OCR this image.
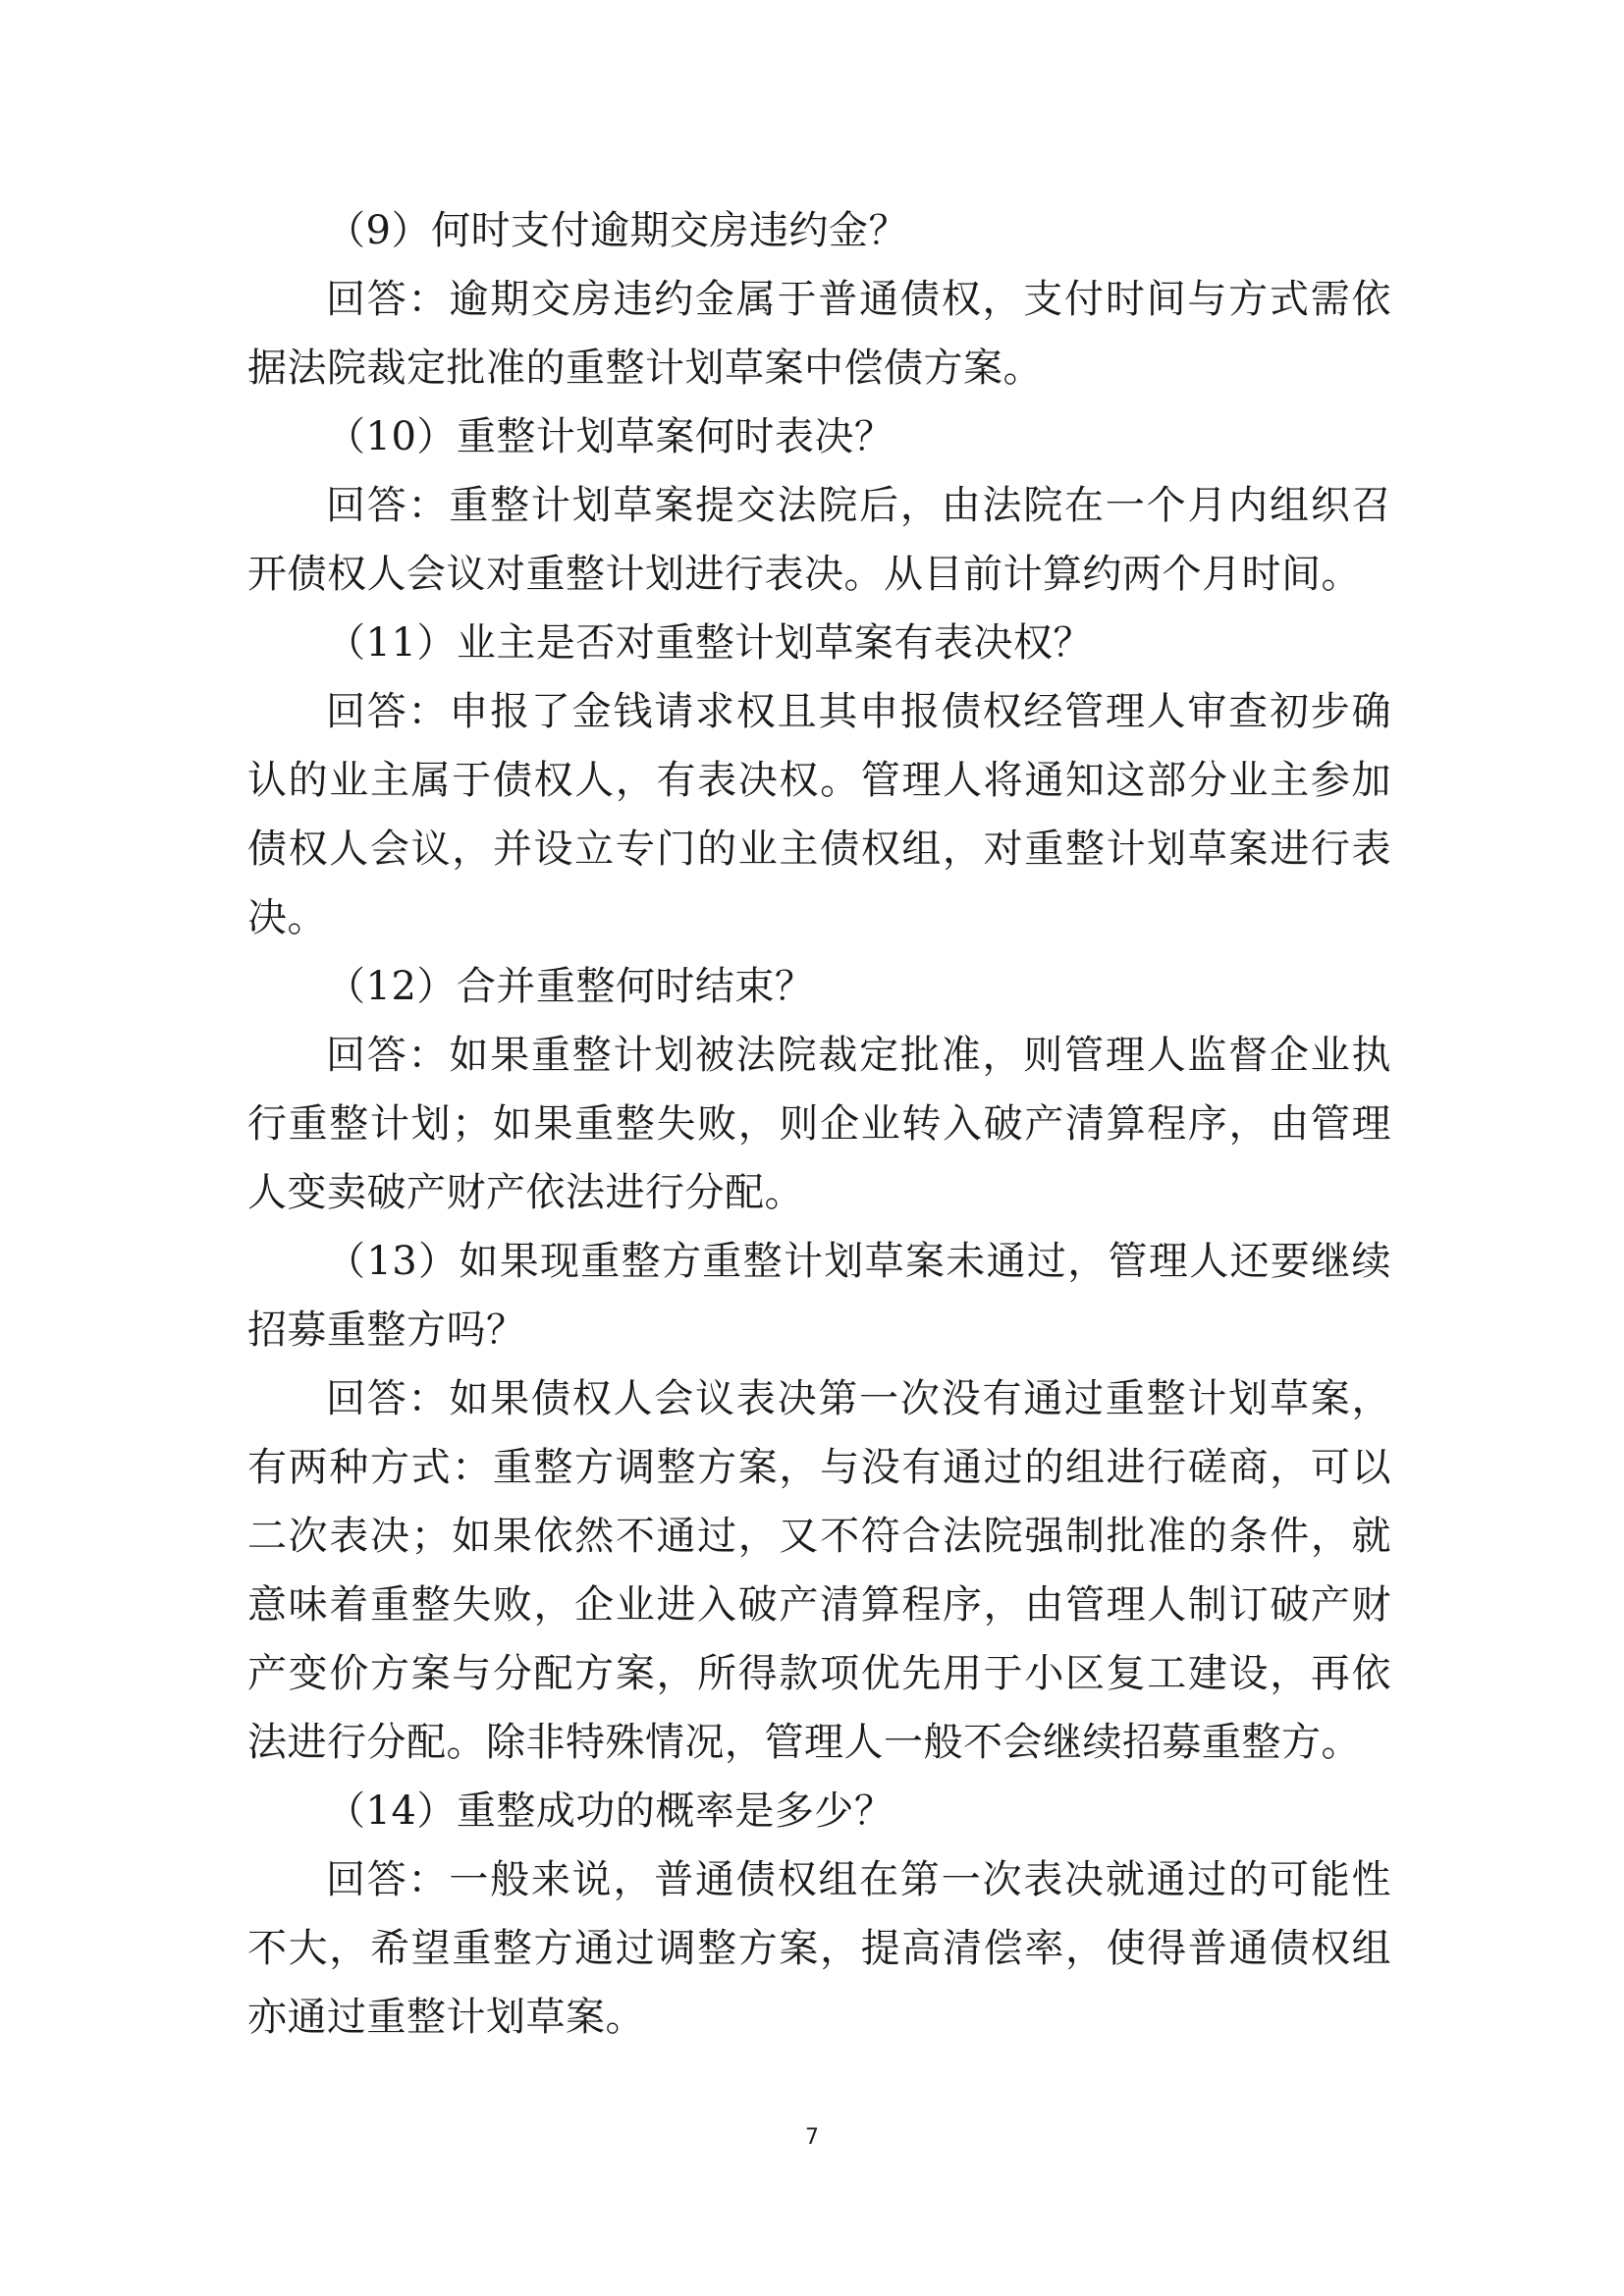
（9）何时支付逾期交房违约金？

回答：逾期交房违约金属于普通债权，支付时间与方式需依据法院裁定批准的重整计划草案中偿债方案。

（10）重整计划草案何时表决？

回答：重整计划草案提交法院后，由法院在一个月内组织召开债权人会议对重整计划进行表决。从目前计算约两个月时间。

（11）业主是否对重整计划草案有表决权？

回答：申报了金钱请求权且其申报债权经管理人审查初步确认的业主属于债权人，有表决权。管理人将通知这部分业主参加债权人会议，并设立专门的业主债权组，对重整计划草案进行表决。

（12）合并重整何时结束？

回答：如果重整计划被法院裁定批准，则管理人监督企业执行重整计划；如果重整失败，则企业转入破产清算程序，由管理人变卖破产财产依法进行分配。

（13）如果现重整方重整计划草案未通过，管理人还要继续招募重整方吗？

回答：如果债权人会议表决第一次没有通过重整计划草案，有两种方式：重整方调整方案，与没有通过的组进行磋商，可以二次表决；如果依然不通过，又不符合法院强制批准的条件，就意味着重整失败，企业进入破产清算程序，由管理人制订破产财产变价方案与分配方案，所得款项优先用于小区复工建设，再依法进行分配。除非特殊情况，管理人一般不会继续招募重整方。

（14）重整成功的概率是多少？

回答：一般来说，普通债权组在第一次表决就通过的可能性不大，希望重整方通过调整方案，提高清偿率，使得普通债权组亦通过重整计划草案。

7
